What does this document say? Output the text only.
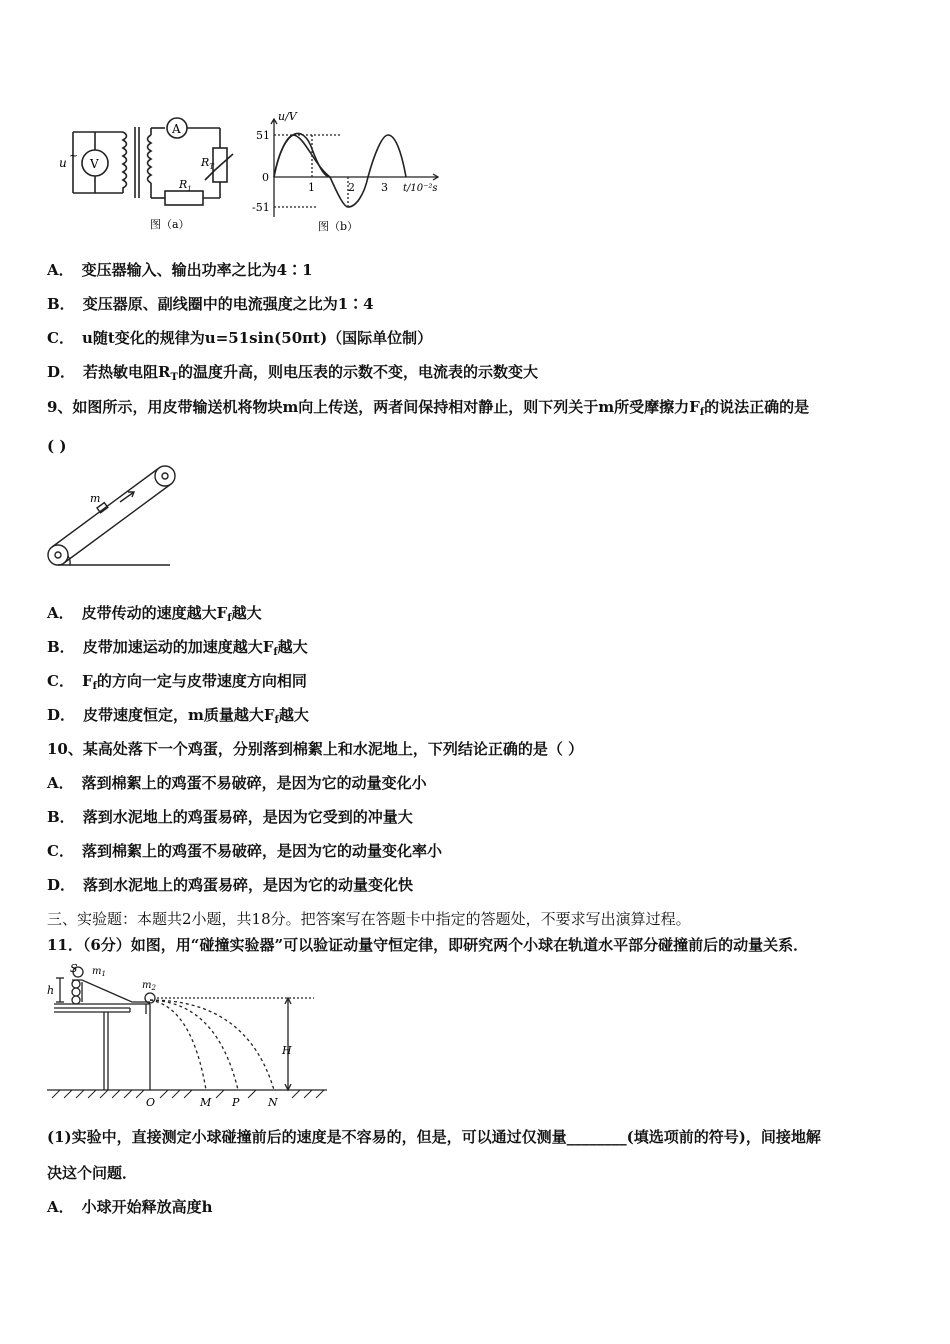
u
~
V
A
$R_T$
$R_1$
图（a）
u/V
51
-51
0
1	2 3 t/10⁻²s
图（b）
A． 变压器输入、输出功率之比为4∶1
B． 变压器原、副线圈中的电流强度之比为1∶4
C． u随t变化的规律为u=51sin(50πt)（国际单位制）
D． 若热敏电阻$R_T$的温度升高，则电压表的示数不变，电流表的示数变大
9、如图所示，用皮带输送机将物块m向上传送，两者间保持相对静止，则下列关于m所受摩擦力$F_f$的说法正确的是
( )
m
A． 皮带传动的速度越大$F_f$越大
B． 皮带加速运动的加速度越大$F_f$越大
C． $F_f$的方向一定与皮带速度方向相同
D． 皮带速度恒定，m质量越大$F_f$越大
10、某高处落下一个鸡蛋，分别落到棉絮上和水泥地上，下列结论正确的是（ ）
A． 落到棉絮上的鸡蛋不易破碎，是因为它的动量变化小
B． 落到水泥地上的鸡蛋易碎，是因为它受到的冲量大
C． 落到棉絮上的鸡蛋不易破碎，是因为它的动量变化率小
D． 落到水泥地上的鸡蛋易碎，是因为它的动量变化快
三、实验题：本题共2小题，共18分。把答案写在答题卡中指定的答题处，不要求写出演算过程。
11．（6分）如图，用“碰撞实验器”可以验证动量守恒定律，即研究两个小球在轨道水平部分碰撞前后的动量关系．
S $m_1$
h	$m_2$
H
O	M P	N
(1)实验中，直接测定小球碰撞前后的速度是不容易的，但是，可以通过仅测量________(填选项前的符号)，间接地解
决这个问题．
A． 小球开始释放高度h
